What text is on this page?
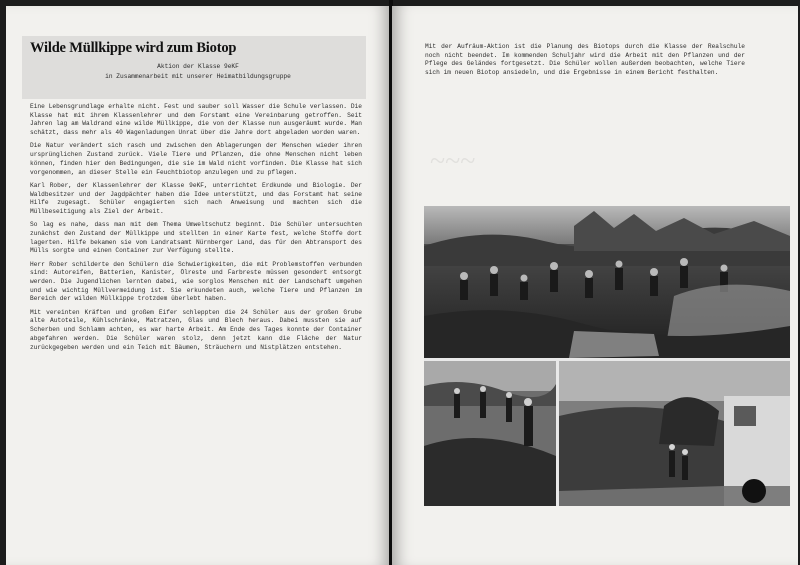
Wilde Müllkippe wird zum Biotop
Aktion der Klasse 9eKF
in Zusammenarbeit mit unserer Heimatbildungsgruppe

Eine Lebensgrundlage erhalte nicht. Fest und sauber soll Wasser die Schule verlassen. Die Klasse hat mit ihrem Klassenlehrer und dem Forstamt eine Vereinbarung getroffen. Seit Jahren lag am Waldrand eine wilde Müllkippe, die von der Klasse nun ausgeräumt wurde. Man schätzt, dass mehr als 40 Wagenladungen Unrat über die Jahre dort abgeladen worden waren.

Die Natur verändert sich rasch und zwischen den Ablagerungen der Menschen wieder ihren ursprünglichen Zustand zurück. Viele Tiere und Pflanzen, die ohne Menschen nicht leben können, finden hier den Bedingungen, die sie im Wald nicht vorfinden. Die Klasse hat sich vorgenommen, an dieser Stelle ein Feuchtbiotop anzulegen und zu pflegen.

Karl Rober, der Klassenlehrer der Klasse 9eKF, unterrichtet Erdkunde und Biologie. Der Waldbesitzer und der Jagdpächter haben die Idee unterstützt, und das Forstamt hat seine Hilfe zugesagt. Schüler engagierten sich nach Anweisung und machten sich die Müllbeseitigung als Ziel der Arbeit.

So lag es nahe, dass man mit dem Thema Umweltschutz beginnt. Die Schüler untersuchten zunächst den Zustand der Müllkippe und stellten in einer Karte fest, welche Stoffe dort lagerten. Hilfe bekamen sie vom Landratsamt Nürnberger Land, das für den Abtransport des Mülls sorgte und einen Container zur Verfügung stellte.

Herr Rober schilderte den Schülern die Schwierigkeiten, die mit Problemstoffen verbunden sind: Autoreifen, Batterien, Kanister, Ölreste und Farbreste müssen gesondert entsorgt werden. Die Jugendlichen lernten dabei, wie sorglos Menschen mit der Landschaft umgehen und wie wichtig Müllvermeidung ist. Sie erkundeten auch, welche Tiere und Pflanzen im Bereich der wilden Müllkippe trotzdem überlebt haben.

Mit vereinten Kräften und großem Eifer schleppten die 24 Schüler aus der großen Grube alte Autoteile, Kühlschränke, Matratzen, Glas und Blech heraus. Dabei mussten sie auf Scherben und Schlamm achten, es war harte Arbeit. Am Ende des Tages konnte der Container abgefahren werden. Die Schüler waren stolz, denn jetzt kann die Fläche der Natur zurückgegeben werden und ein Teich mit Bäumen, Sträuchern und Nistplätzen entstehen.

Mit der Aufräum-Aktion ist die Planung des Biotops durch die Klasse der Realschule noch nicht beendet. Im kommenden Schuljahr wird die Arbeit mit den Pflanzen und der Pflege des Geländes fortgesetzt. Die Schüler wollen außerdem beobachten, welche Tiere sich im neuen Biotop ansiedeln, und die Ergebnisse in einem Bericht festhalten.
~~~
